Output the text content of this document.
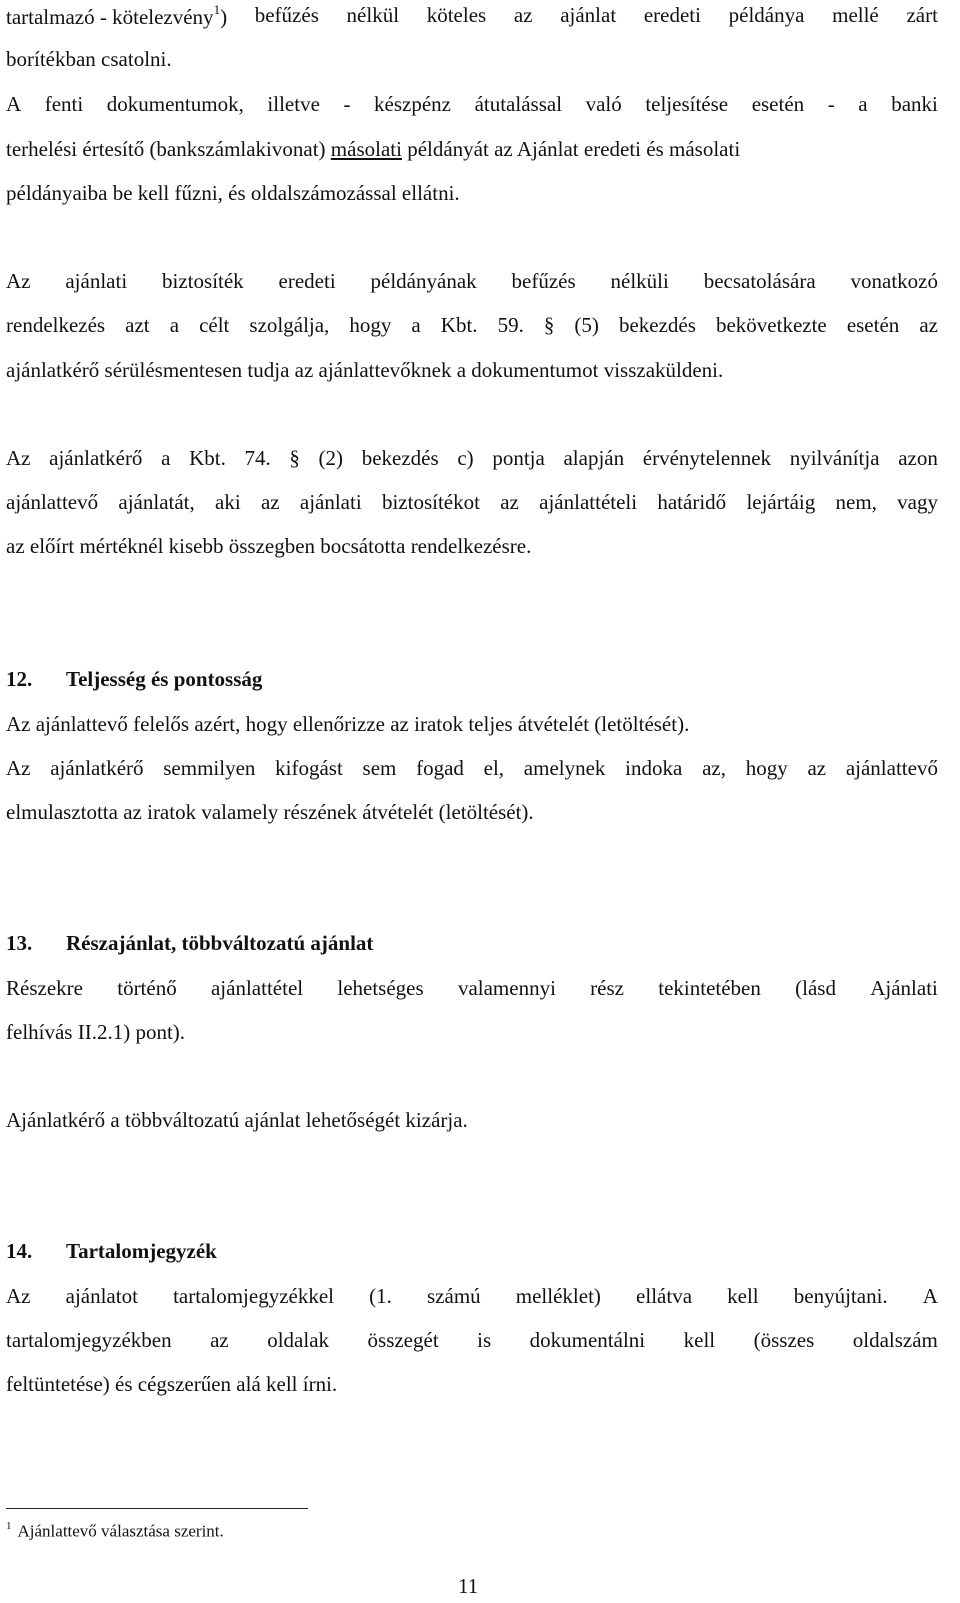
tartalmazó - kötelezvény$^1$) befűzés nélkül köteles az ajánlat eredeti példánya mellé zárt
borítékban csatolni.
A fenti dokumentumok, illetve - készpénz átutalással való teljesítése esetén - a banki
terhelési értesítő (bankszámlakivonat) másolati példányát az Ajánlat eredeti és másolati
példányaiba be kell fűzni, és oldalszámozással ellátni.
Az ajánlati biztosíték eredeti példányának befűzés nélküli becsatolására vonatkozó
rendelkezés azt a célt szolgálja, hogy a Kbt. 59. § (5) bekezdés bekövetkezte esetén az
ajánlatkérő sérülésmentesen tudja az ajánlattevőknek a dokumentumot visszaküldeni.
Az ajánlatkérő a Kbt. 74. § (2) bekezdés c) pontja alapján érvénytelennek nyilvánítja azon
ajánlattevő ajánlatát, aki az ajánlati biztosítékot az ajánlattételi határidő lejártáig nem, vagy
az előírt mértéknél kisebb összegben bocsátotta rendelkezésre.
12. Teljesség és pontosság
Az ajánlattevő felelős azért, hogy ellenőrizze az iratok teljes átvételét (letöltését).
Az ajánlatkérő semmilyen kifogást sem fogad el, amelynek indoka az, hogy az ajánlattevő
elmulasztotta az iratok valamely részének átvételét (letöltését).
13. Részajánlat, többváltozatú ajánlat
Részekre történő ajánlattétel lehetséges valamennyi rész tekintetében (lásd Ajánlati
felhívás II.2.1) pont).
Ajánlatkérő a többváltozatú ajánlat lehetőségét kizárja.
14. Tartalomjegyzék
Az ajánlatot tartalomjegyzékkel (1. számú melléklet) ellátva kell benyújtani. A
tartalomjegyzékben az oldalak összegét is dokumentálni kell (összes oldalszám
feltüntetése) és cégszerűen alá kell írni.
$^1$ Ajánlattevő választása szerint.
11
